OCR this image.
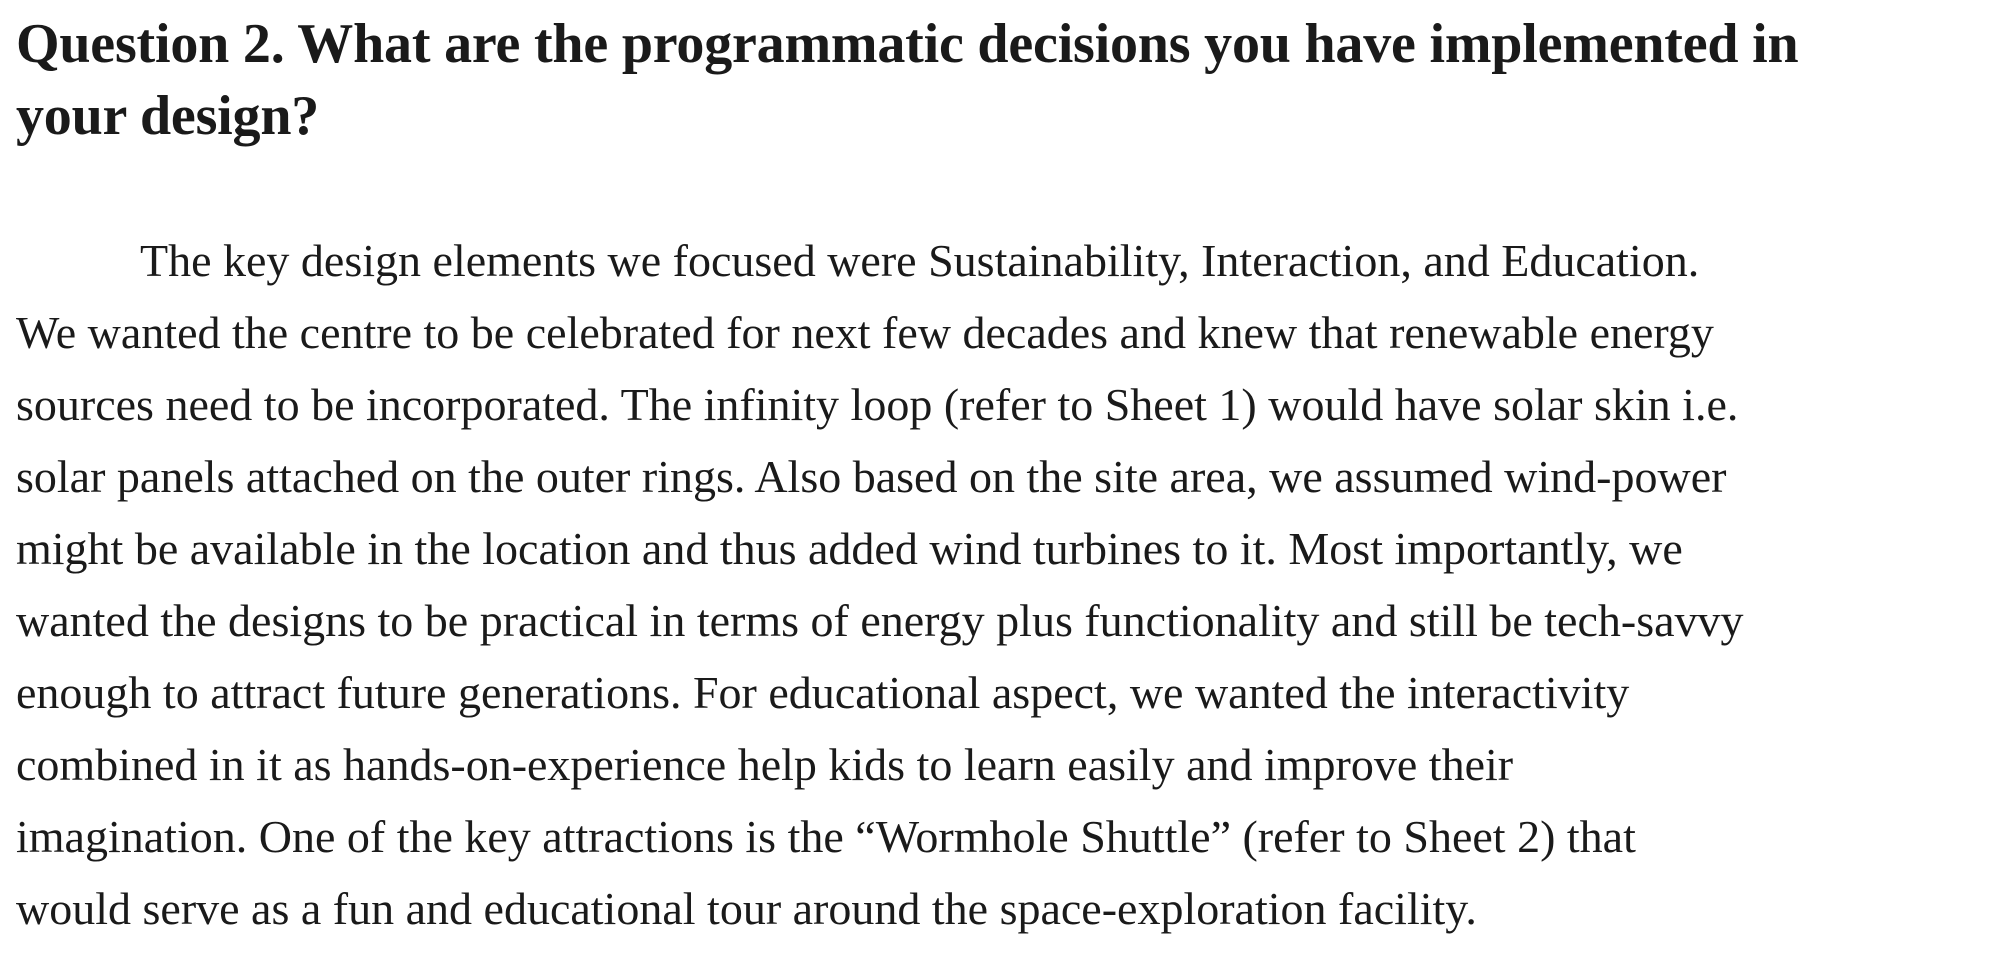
Question 2. What are the programmatic decisions you have implemented in
your design?
The key design elements we focused were Sustainability, Interaction, and Education.
We wanted the centre to be celebrated for next few decades and knew that renewable energy
sources need to be incorporated. The infinity loop (refer to Sheet 1) would have solar skin i.e.
solar panels attached on the outer rings. Also based on the site area, we assumed wind-power
might be available in the location and thus added wind turbines to it. Most importantly, we
wanted the designs to be practical in terms of energy plus functionality and still be tech-savvy
enough to attract future generations. For educational aspect, we wanted the interactivity
combined in it as hands-on-experience help kids to learn easily and improve their
imagination. One of the key attractions is the “Wormhole Shuttle” (refer to Sheet 2) that
would serve as a fun and educational tour around the space-exploration facility.
